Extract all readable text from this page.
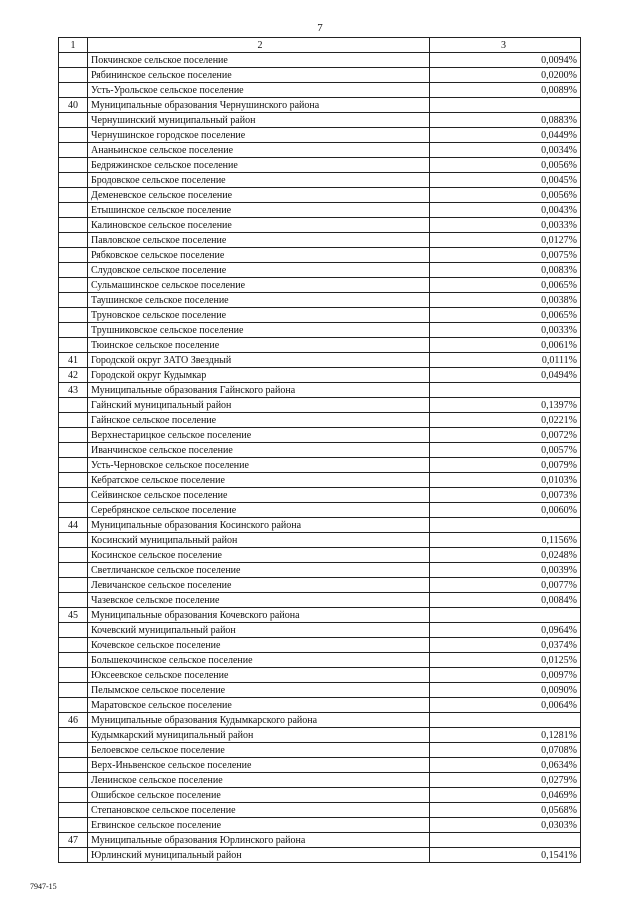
7
1	2	3
	Покчинское сельское поселение	0,0094%
	Рябининское сельское поселение	0,0200%
	Усть-Урольское сельское поселение	0,0089%
40	Муниципальные образования Чернушинского района	
	Чернушинский муниципальный район	0,0883%
	Чернушинское городское поселение	0,0449%
	Ананьинское сельское поселение	0,0034%
	Бедряжинское сельское поселение	0,0056%
	Бродовское сельское поселение	0,0045%
	Деменевское сельское поселение	0,0056%
	Етышинское сельское поселение	0,0043%
	Калиновское сельское поселение	0,0033%
	Павловское сельское поселение	0,0127%
	Рябковское сельское поселение	0,0075%
	Слудовское сельское поселение	0,0083%
	Сульмашинское сельское поселение	0,0065%
	Таушинское сельское поселение	0,0038%
	Труновское сельское поселение	0,0065%
	Трушниковское сельское поселение	0,0033%
	Тюинское сельское поселение	0,0061%
41	Городской округ ЗАТО Звездный	0,0111%
42	Городской округ Кудымкар	0,0494%
43	Муниципальные образования Гайнского района	
	Гайнский муниципальный район	0,1397%
	Гайнское сельское поселение	0,0221%
	Верхнестарицкое сельское поселение	0,0072%
	Иванчинское сельское поселение	0,0057%
	Усть-Черновское сельское поселение	0,0079%
	Кебратское сельское поселение	0,0103%
	Сейвинское сельское поселение	0,0073%
	Серебрянское сельское поселение	0,0060%
44	Муниципальные образования Косинского района	
	Косинский муниципальный район	0,1156%
	Косинское сельское поселение	0,0248%
	Светличанское сельское поселение	0,0039%
	Левичанское сельское поселение	0,0077%
	Чазевское сельское поселение	0,0084%
45	Муниципальные образования Кочевского района	
	Кочевский муниципальный район	0,0964%
	Кочевское сельское поселение	0,0374%
	Большекочинское сельское поселение	0,0125%
	Юксеевское сельское поселение	0,0097%
	Пелымское сельское поселение	0,0090%
	Маратовское сельское поселение	0,0064%
46	Муниципальные образования Кудымкарского района	
	Кудымкарский муниципальный район	0,1281%
	Белоевское сельское поселение	0,0708%
	Верх-Иньвенское сельское поселение	0,0634%
	Ленинское сельское поселение	0,0279%
	Ошибское сельское поселение	0,0469%
	Степановское сельское поселение	0,0568%
	Егвинское сельское поселение	0,0303%
47	Муниципальные образования Юрлинского района	
	Юрлинский муниципальный район	0,1541%
7947-15
